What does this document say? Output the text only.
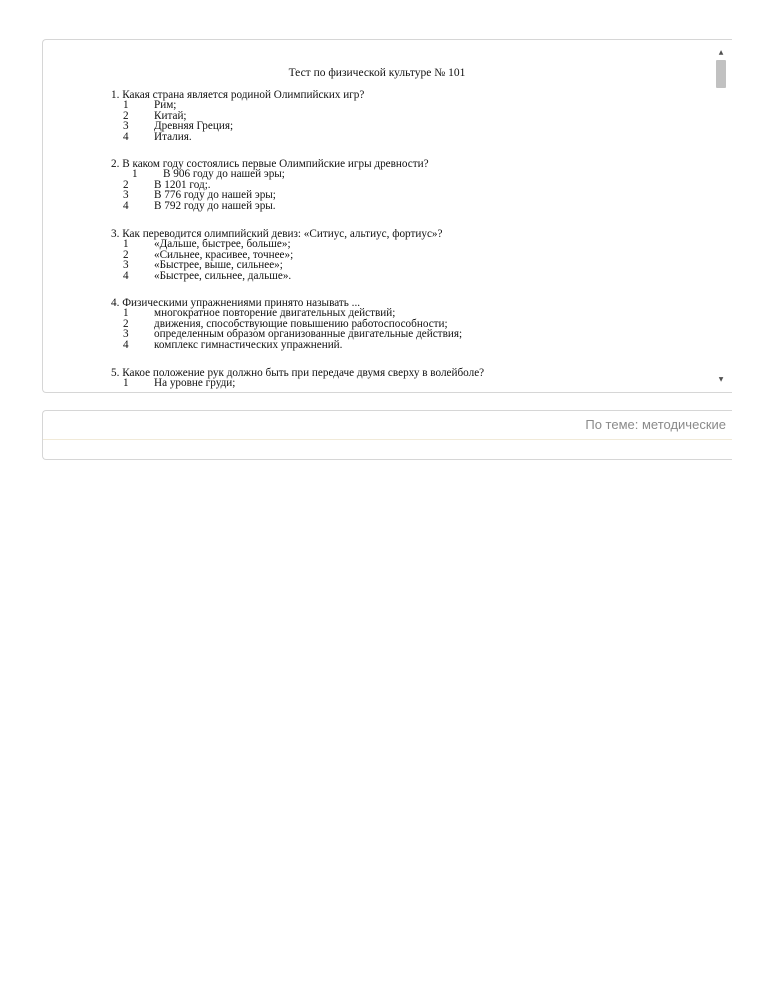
Тест по физической культуре № 101
1. Какая страна является родиной Олимпийских игр?
1	Рим;
2	Китай;
3	Древняя Греция;
4	Италия.
2. В каком году состоялись первые Олимпийские игры древности?
1	В 906 году до нашей эры;
2	В 1201 год;.
3	В 776 году до нашей эры;
4	В 792 году до нашей эры.
3. Как переводится олимпийский девиз: «Ситиус, альтиус, фортиус»?
1	«Дальше, быстрее, больше»;
2	«Сильнее, красивее, точнее»;
3	«Быстрее, выше, сильнее»;
4	«Быстрее, сильнее, дальше».
4. Физическими упражнениями принято называть ...
1	многократное повторение двигательных действий;
2	движения, способствующие повышению работоспособности;
3	определенным образом организованные двигательные действия;
4	комплекс гимнастических упражнений.
5. Какое положение рук должно быть при передаче двумя сверху в волейболе?
1	На уровне груди;
▲
▼
По теме: методические
